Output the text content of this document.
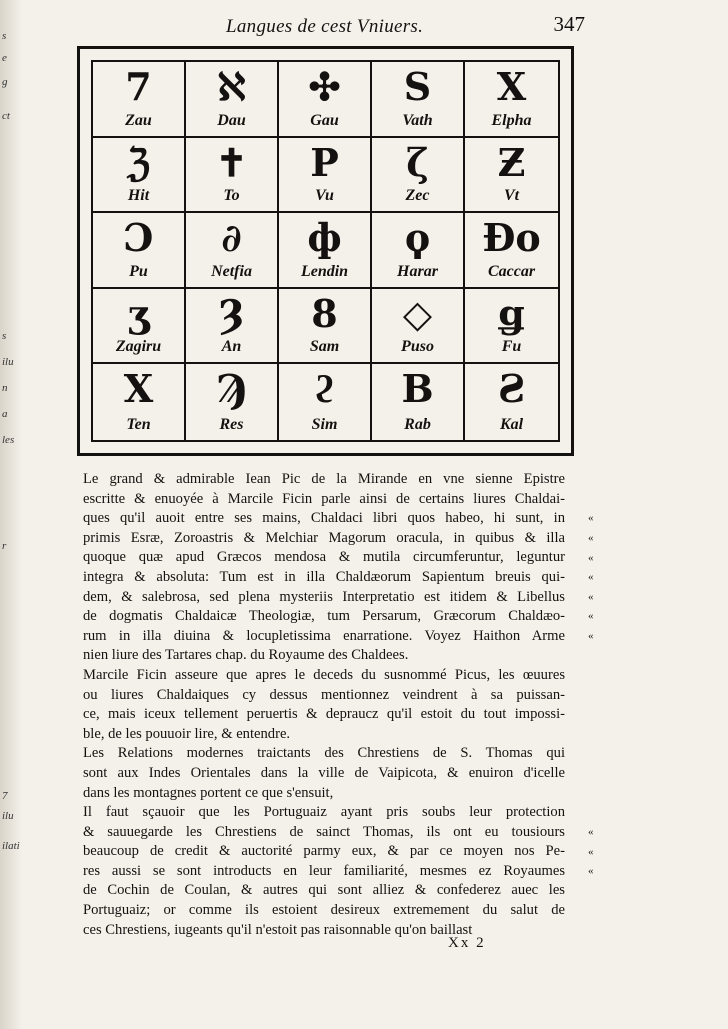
s
e
g
ct
s
ilu
n
a
les
r
7
ilu
ilati
Langues de cest Vniuers.	347
7
Zau
ℵ
Dau
✣
Gau
S
Vath
X
Elpha
ℨ
Hit
✝
To
P
Vu
ζ
Zec
Ƶ
Vt
Ɔ
Pu
∂
Netfia
ф
Lendin
ϙ
Harar
Ɖo
Caccar
ʒ
Zagiru
Ȝ
An
8
Sam
◇
Puso
ǥ
Fu
X
Ten
Ϡ
Res
ϩ
Sim
B
Rab
Ƨ
Kal
Le grand & admirable Iean Pic de la Mirande en vne sienne Epistre
escritte & enuoyée à Marcile Ficin parle ainsi de certains liures Chaldai-
ques qu'il auoit entre ses mains, Chaldaci libri quos habeo, hi sunt, in
primis Esræ, Zoroastris & Melchiar Magorum oracula, in quibus & illa
quoque quæ apud Græcos mendosa & mutila circumferuntur, leguntur
integra & absoluta: Tum est in illa Chaldæorum Sapientum breuis qui-
dem, & salebrosa, sed plena mysteriis Interpretatio est itidem & Libellus
de dogmatis Chaldaicæ Theologiæ, tum Persarum, Græcorum Chaldæo-
rum in illa diuina & locupletissima enarratione. Voyez Haithon Arme
nien liure des Tartares chap. du Royaume des Chaldees.
Marcile Ficin asseure que apres le deceds du susnommé Picus, les œuures
ou liures Chaldaiques cy dessus mentionnez veindrent à sa puissan-
ce, mais iceux tellement peruertis & depraucz qu'il estoit du tout impossi-
ble, de les pouuoir lire, & entendre.
Les Relations modernes traictants des Chrestiens de S. Thomas qui
sont aux Indes Orientales dans la ville de Vaipicota, & enuiron d'icelle
dans les montagnes portent ce que s'ensuit,
Il faut sçauoir que les Portuguaiz ayant pris soubs leur protection
& sauuegarde les Chrestiens de sainct Thomas, ils ont eu tousiours
beaucoup de credit & auctorité parmy eux, & par ce moyen nos Pe-
res aussi se sont introducts en leur familiarité, mesmes ez Royaumes
de Cochin de Coulan, & autres qui sont alliez & confederez auec les
Portuguaiz; or comme ils estoient desireux extremement du salut de
ces Chrestiens, iugeants qu'il n'estoit pas raisonnable qu'on baillast
«
«
«
«
«
«
«
«
«
«
Xx 2
